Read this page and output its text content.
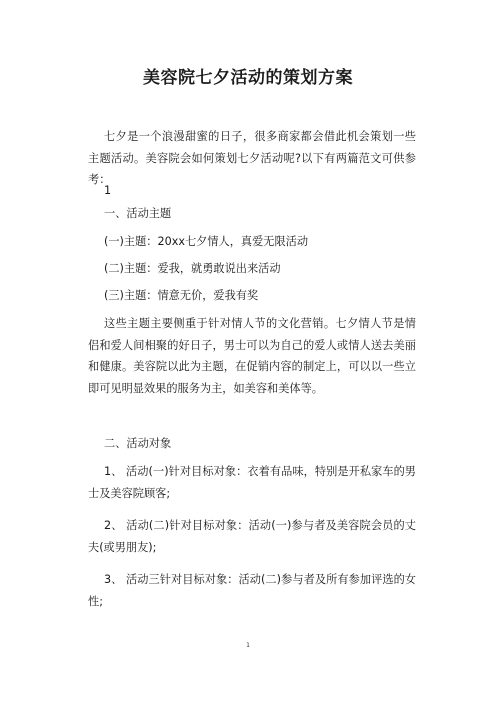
美容院七夕活动的策划方案

七夕是一个浪漫甜蜜的日子，很多商家都会借此机会策划一些主题活动。美容院会如何策划七夕活动呢?以下有两篇范文可供参考：

1
一、活动主题
(一)主题：20xx七夕情人，真爱无限活动
(二)主题：爱我，就勇敢说出来活动
(三)主题：情意无价，爱我有奖

这些主题主要侧重于针对情人节的文化营销。七夕情人节是情侣和爱人间相聚的好日子，男士可以为自己的爱人或情人送去美丽和健康。美容院以此为主题，在促销内容的制定上，可以以一些立即可见明显效果的服务为主，如美容和美体等。

二、活动对象

1、 活动(一)针对目标对象：衣着有品味，特别是开私家车的男士及美容院顾客;

2、 活动(二)针对目标对象：活动(一)参与者及美容院会员的丈夫(或男朋友);

3、 活动三针对目标对象：活动(二)参与者及所有参加评选的女性;

1
